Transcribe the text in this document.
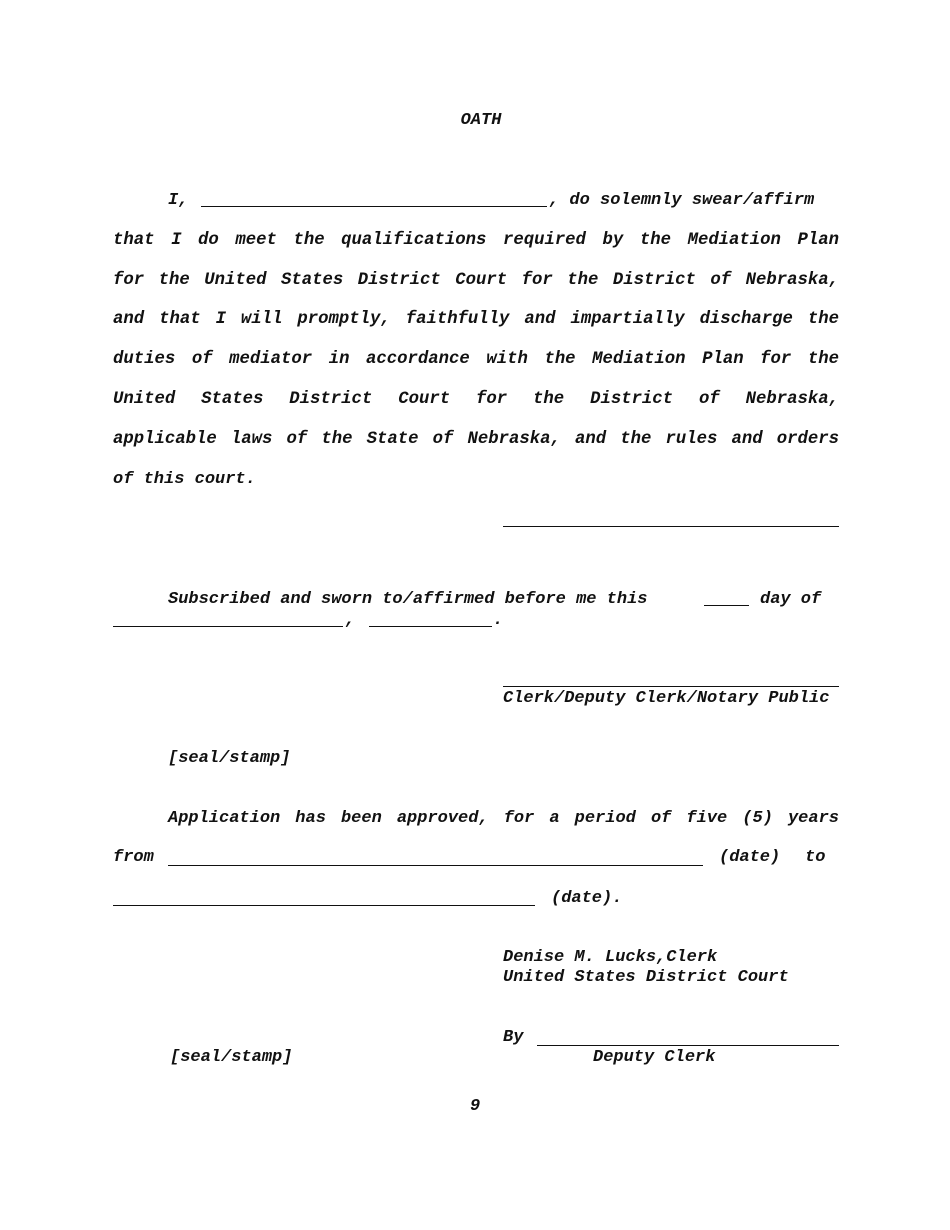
OATH
I,	, do solemnly swear/affirm
that I do meet the qualifications required by the Mediation Plan
for the United States District Court for the District of Nebraska,
and that I will promptly, faithfully and impartially discharge the
duties of mediator in accordance with the Mediation Plan for the
United States District Court for the District of Nebraska,
applicable laws of the State of Nebraska, and the rules and orders
of this court.
Subscribed and sworn to/affirmed before me this	day of
,	.
Clerk/Deputy Clerk/Notary Public
[seal/stamp]
Application has been approved, for a period of five (5) years
from	(date) to
(date).
Denise M. Lucks,Clerk
United States District Court
By
Deputy Clerk
[seal/stamp]
9
